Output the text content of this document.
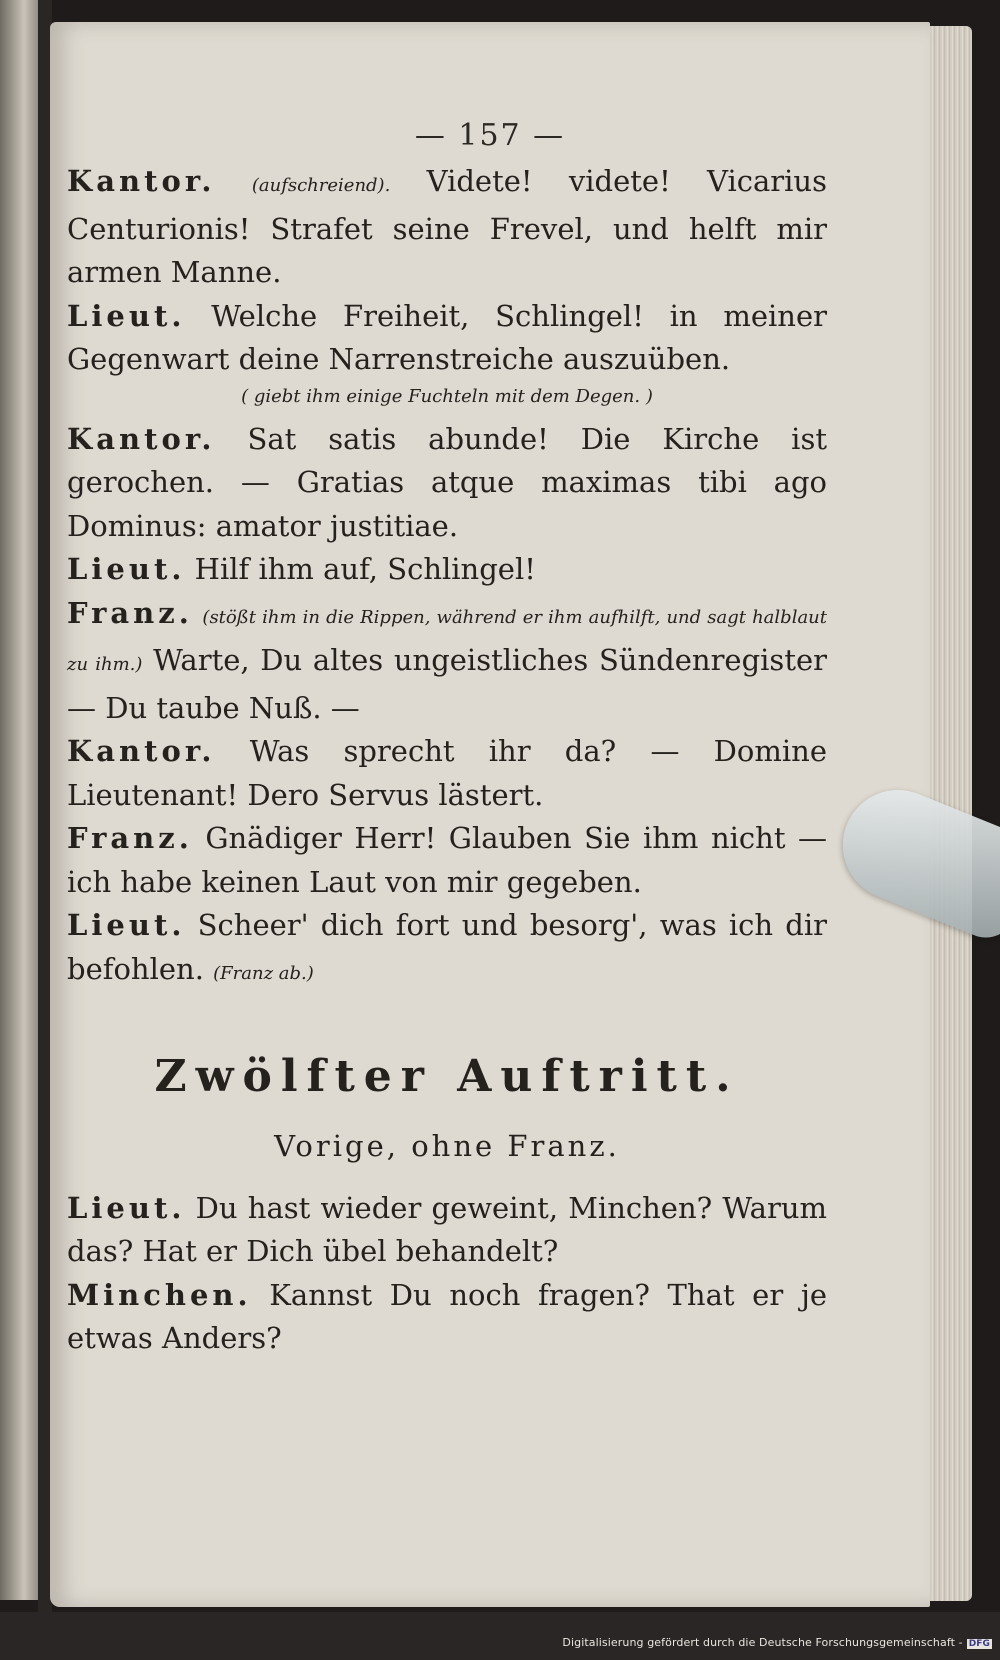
— 157 —

Kantor. (aufschreiend). Videte! videte! Vicarius Centurionis! Strafet seine Frevel, und helft mir armen Manne.

Lieut. Welche Freiheit, Schlingel! in meiner Gegenwart deine Narrenstreiche auszuüben.

( giebt ihm einige Fuchteln mit dem Degen. )

Kantor. Sat satis abunde! Die Kirche ist gerochen. — Gratias atque maximas tibi ago Dominus: amator justitiae.

Lieut. Hilf ihm auf, Schlingel!

Franz. (stößt ihm in die Rippen, während er ihm aufhilft, und sagt halblaut zu ihm.) Warte, Du altes ungeistliches Sündenregister — Du taube Nuß. —

Kantor. Was sprecht ihr da? — Domine Lieutenant! Dero Servus lästert.

Franz. Gnädiger Herr! Glauben Sie ihm nicht — ich habe keinen Laut von mir gegeben.

Lieut. Scheer' dich fort und besorg', was ich dir befohlen. (Franz ab.)

Zwölfter Auftritt.
Vorige, ohne Franz.

Lieut. Du hast wieder geweint, Minchen? Warum das? Hat er Dich übel behandelt?

Minchen. Kannst Du noch fragen? That er je etwas Anders?

Digitalisierung gefördert durch die Deutsche Forschungsgemeinschaft - DFG
